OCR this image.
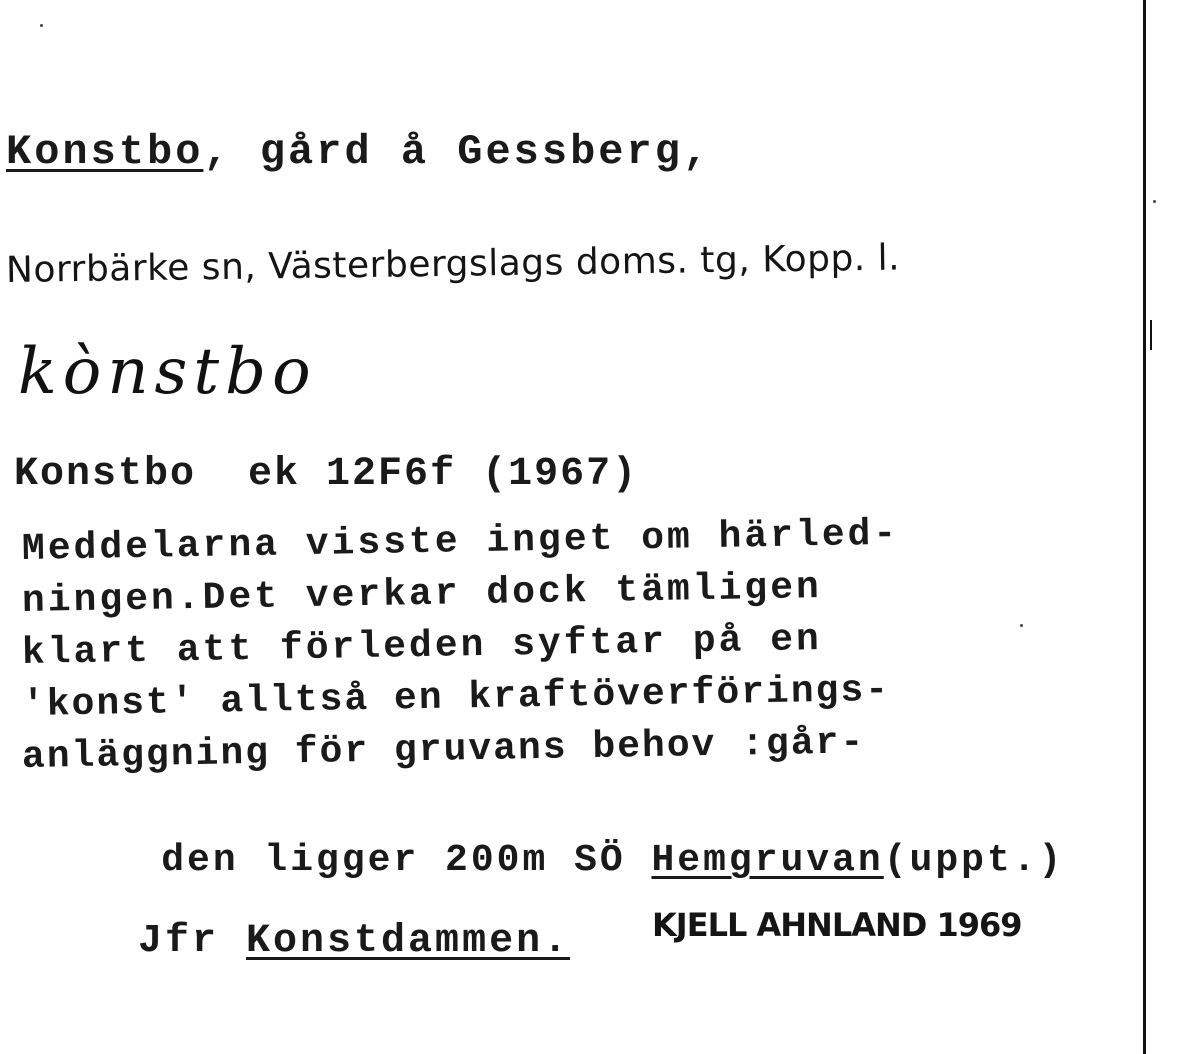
Konstbo, gård å Gessberg,
Norrbärke sn, Västerbergslags doms. tg, Kopp. l.
kònstbo
Konstbo  ek 12F6f (1967)
Meddelarna visste inget om härled-
ningen.Det verkar dock tämligen
klart att förleden syftar på en
'konst' alltså en kraftöverförings-
anläggning för gruvans behov :går-

den ligger 200m SÖ Hemgruvan(uppt.)

Jfr Konstdammen.
	KJELL AHNLAND 1969
